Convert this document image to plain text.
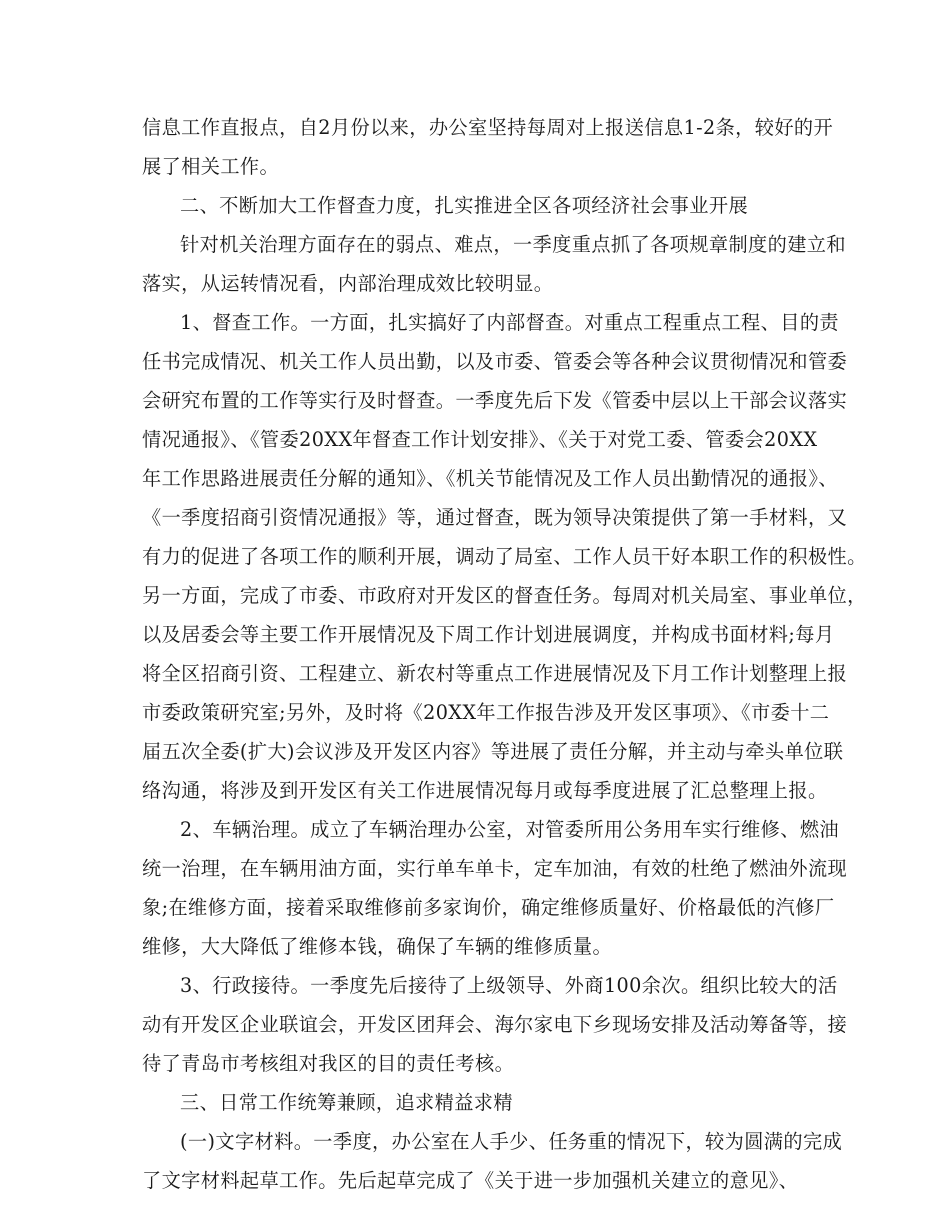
信息工作直报点，自2月份以来，办公室坚持每周对上报送信息1-2条，较好的开
展了相关工作。
二、不断加大工作督查力度，扎实推进全区各项经济社会事业开展
针对机关治理方面存在的弱点、难点，一季度重点抓了各项规章制度的建立和
落实，从运转情况看，内部治理成效比较明显。
1、督查工作。一方面，扎实搞好了内部督查。对重点工程重点工程、目的责
任书完成情况、机关工作人员出勤，以及市委、管委会等各种会议贯彻情况和管委
会研究布置的工作等实行及时督查。一季度先后下发《管委中层以上干部会议落实
情况通报》、《管委20XX年督查工作计划安排》、《关于对党工委、管委会20XX
年工作思路进展责任分解的通知》、《机关节能情况及工作人员出勤情况的通报》、
《一季度招商引资情况通报》等，通过督查，既为领导决策提供了第一手材料，又
有力的促进了各项工作的顺利开展，调动了局室、工作人员干好本职工作的积极性。
另一方面，完成了市委、市政府对开发区的督查任务。每周对机关局室、事业单位，
以及居委会等主要工作开展情况及下周工作计划进展调度，并构成书面材料;每月
将全区招商引资、工程建立、新农村等重点工作进展情况及下月工作计划整理上报
市委政策研究室;另外，及时将《20XX年工作报告涉及开发区事项》、《市委十二
届五次全委(扩大)会议涉及开发区内容》等进展了责任分解，并主动与牵头单位联
络沟通，将涉及到开发区有关工作进展情况每月或每季度进展了汇总整理上报。
2、车辆治理。成立了车辆治理办公室，对管委所用公务用车实行维修、燃油
统一治理，在车辆用油方面，实行单车单卡，定车加油，有效的杜绝了燃油外流现
象;在维修方面，接着采取维修前多家询价，确定维修质量好、价格最低的汽修厂
维修，大大降低了维修本钱，确保了车辆的维修质量。
3、行政接待。一季度先后接待了上级领导、外商100余次。组织比较大的活
动有开发区企业联谊会，开发区团拜会、海尔家电下乡现场安排及活动筹备等，接
待了青岛市考核组对我区的目的责任考核。
三、日常工作统筹兼顾，追求精益求精
(一)文字材料。一季度，办公室在人手少、任务重的情况下，较为圆满的完成
了文字材料起草工作。先后起草完成了《关于进一步加强机关建立的意见》、
